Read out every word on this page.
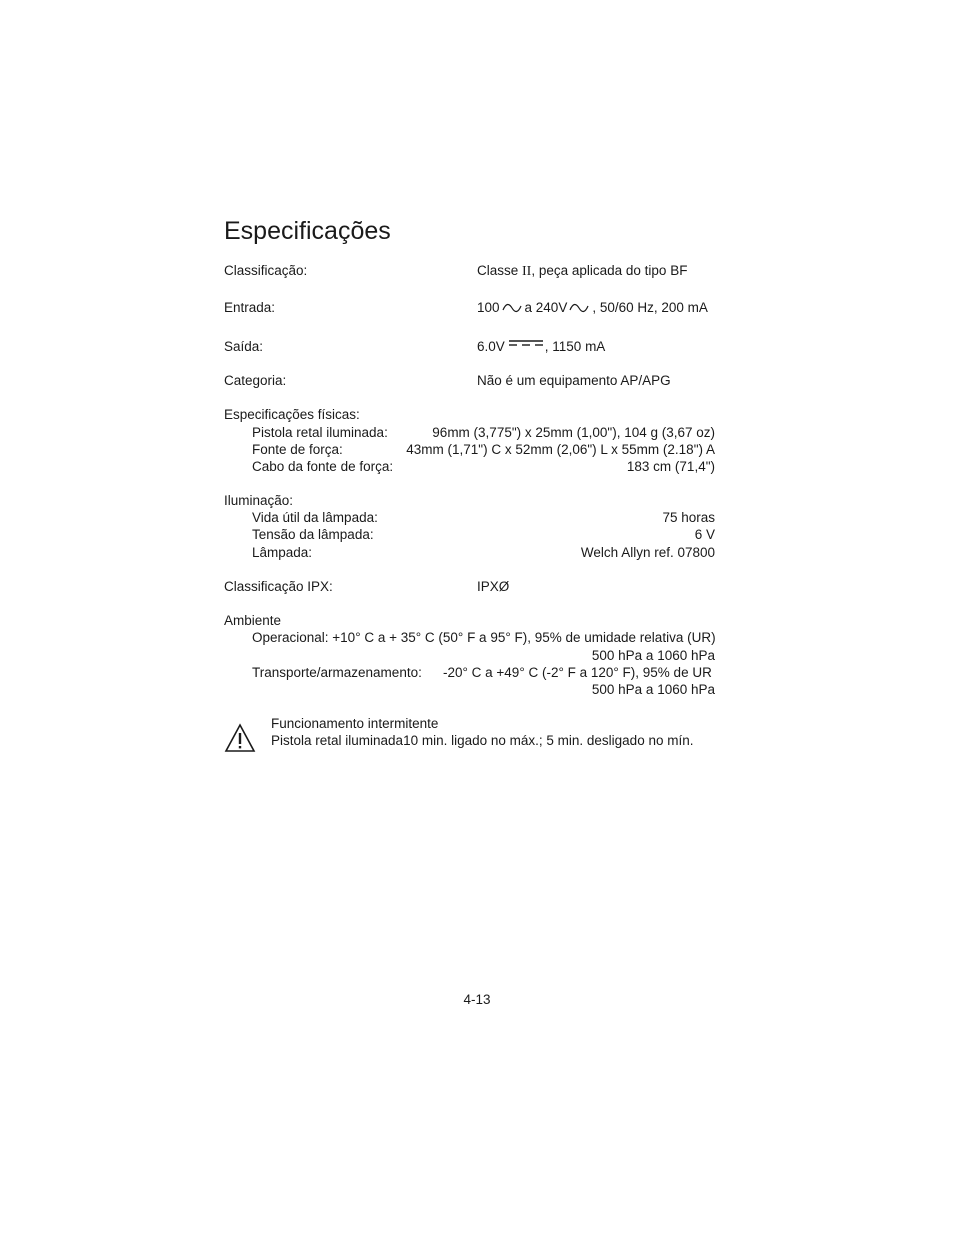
Especificações
Classificação:	Classe II, peça aplicada do tipo BF
Entrada:	100 a 240V , 50/60 Hz, 200 mA
Saída:	6.0V	, 1150 mA
Categoria:	Não é um equipamento AP/APG
Especificações físicas:
Pistola retal iluminada:	96mm (3,775") x 25mm (1,00"), 104 g (3,67 oz)
Fonte de força:	43mm (1,71") C x 52mm (2,06") L x 55mm (2.18") A
Cabo da fonte de força:	183 cm (71,4")
Iluminação:
Vida útil da lâmpada:	75 horas
Tensão da lâmpada:	6 V
Lâmpada:	Welch Allyn ref. 07800
Classificação IPX:	IPXØ
Ambiente
Operacional: +10° C a + 35° C (50° F a 95° F), 95% de umidade relativa (UR)
500 hPa a 1060 hPa
Transporte/armazenamento: -20° C a +49° C (-2° F a 120° F), 95% de UR
500 hPa a 1060 hPa
Funcionamento intermitente
Pistola retal iluminada10 min. ligado no máx.; 5 min. desligado no mín.
4-13
